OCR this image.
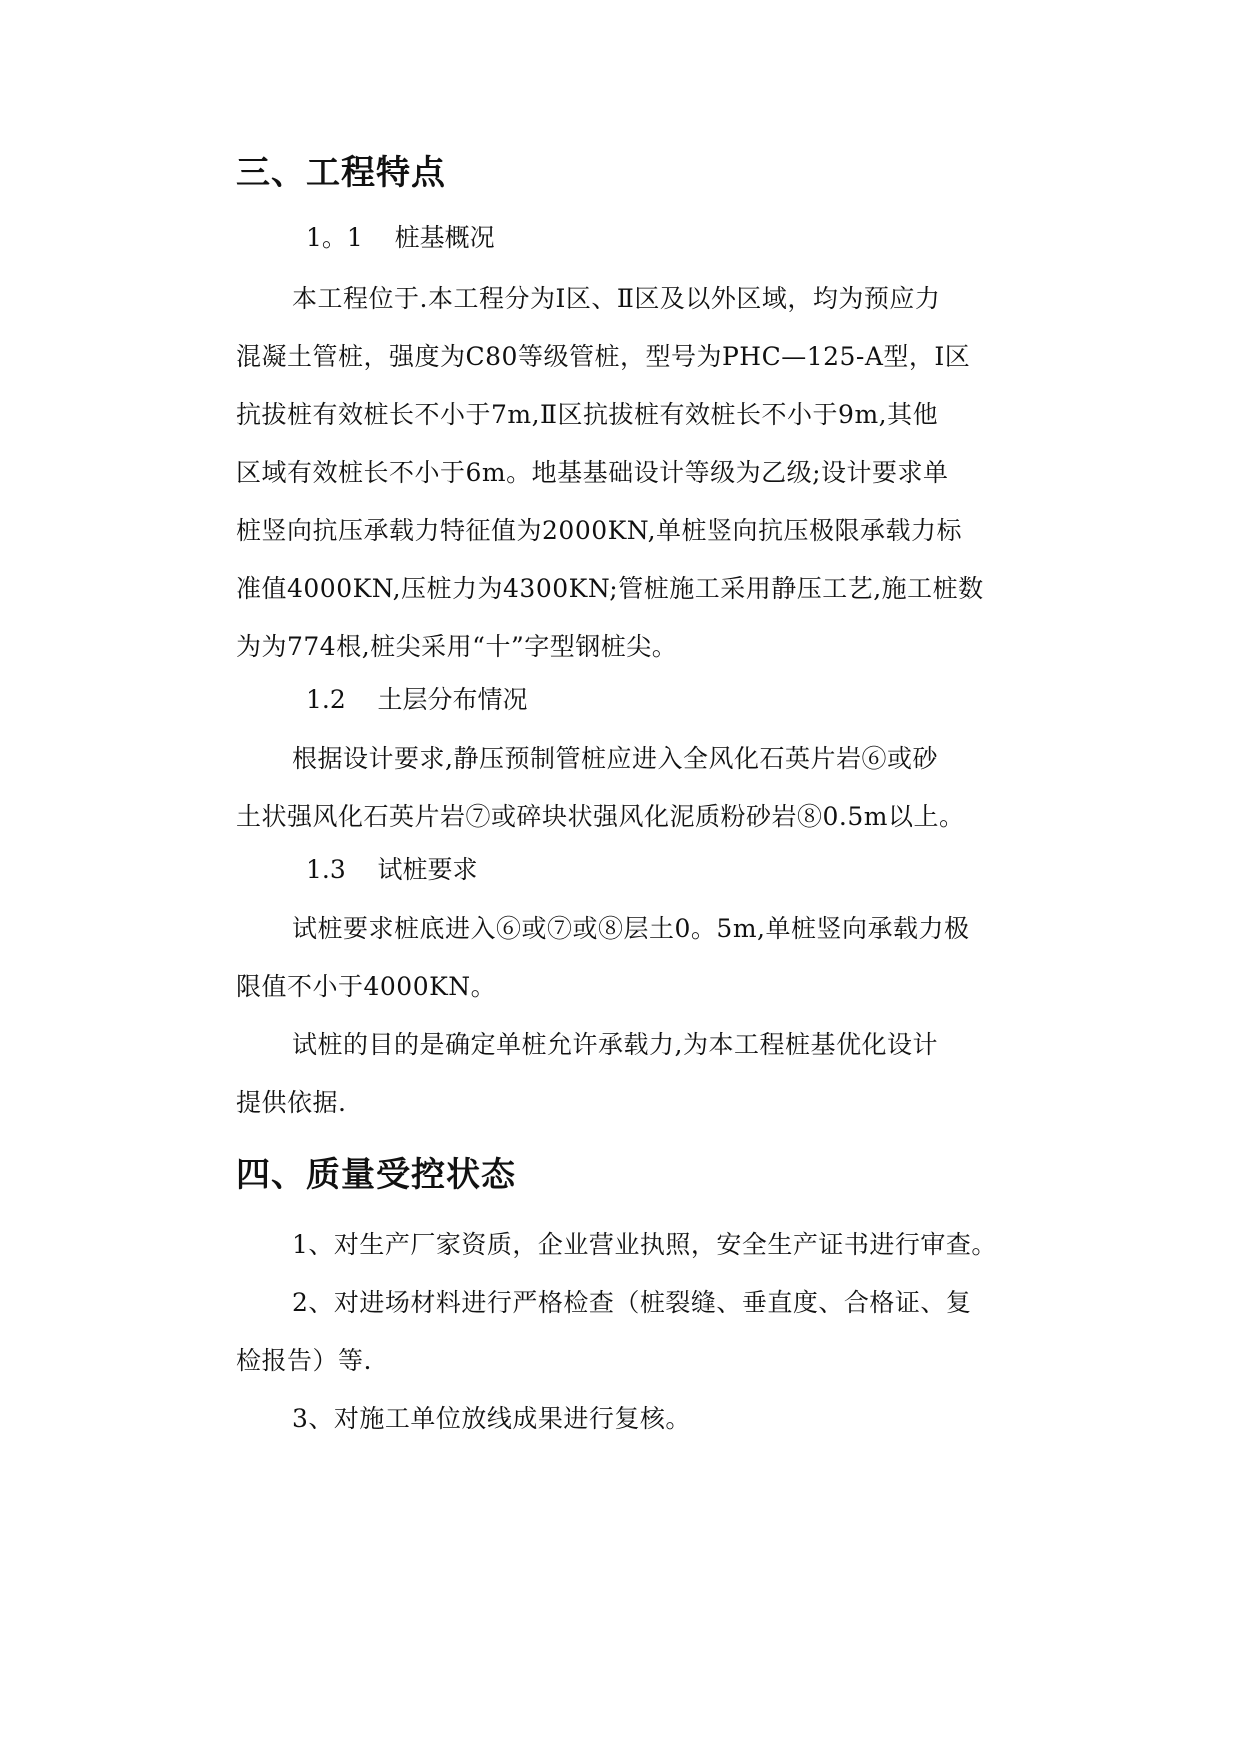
三、工程特点

1。1    桩基概况

本工程位于.本工程分为Ⅰ区、Ⅱ区及以外区域，均为预应力
混凝土管桩，强度为C80等级管桩，型号为PHC—125-A型，Ⅰ区
抗拔桩有效桩长不小于7m,Ⅱ区抗拔桩有效桩长不小于9m,其他
区域有效桩长不小于6m。地基基础设计等级为乙级;设计要求单
桩竖向抗压承载力特征值为2000KN,单桩竖向抗压极限承载力标
准值4000KN,压桩力为4300KN;管桩施工采用静压工艺,施工桩数
为为774根,桩尖采用“十”字型钢桩尖。

1.2    土层分布情况

根据设计要求,静压预制管桩应进入全风化石英片岩⑥或砂
土状强风化石英片岩⑦或碎块状强风化泥质粉砂岩⑧0.5m以上。

1.3    试桩要求

试桩要求桩底进入⑥或⑦或⑧层土0。5m,单桩竖向承载力极
限值不小于4000KN。

试桩的目的是确定单桩允许承载力,为本工程桩基优化设计
提供依据.

四、质量受控状态

1、对生产厂家资质，企业营业执照，安全生产证书进行审查。

2、对进场材料进行严格检查（桩裂缝、垂直度、合格证、复
检报告）等.

3、对施工单位放线成果进行复核。
